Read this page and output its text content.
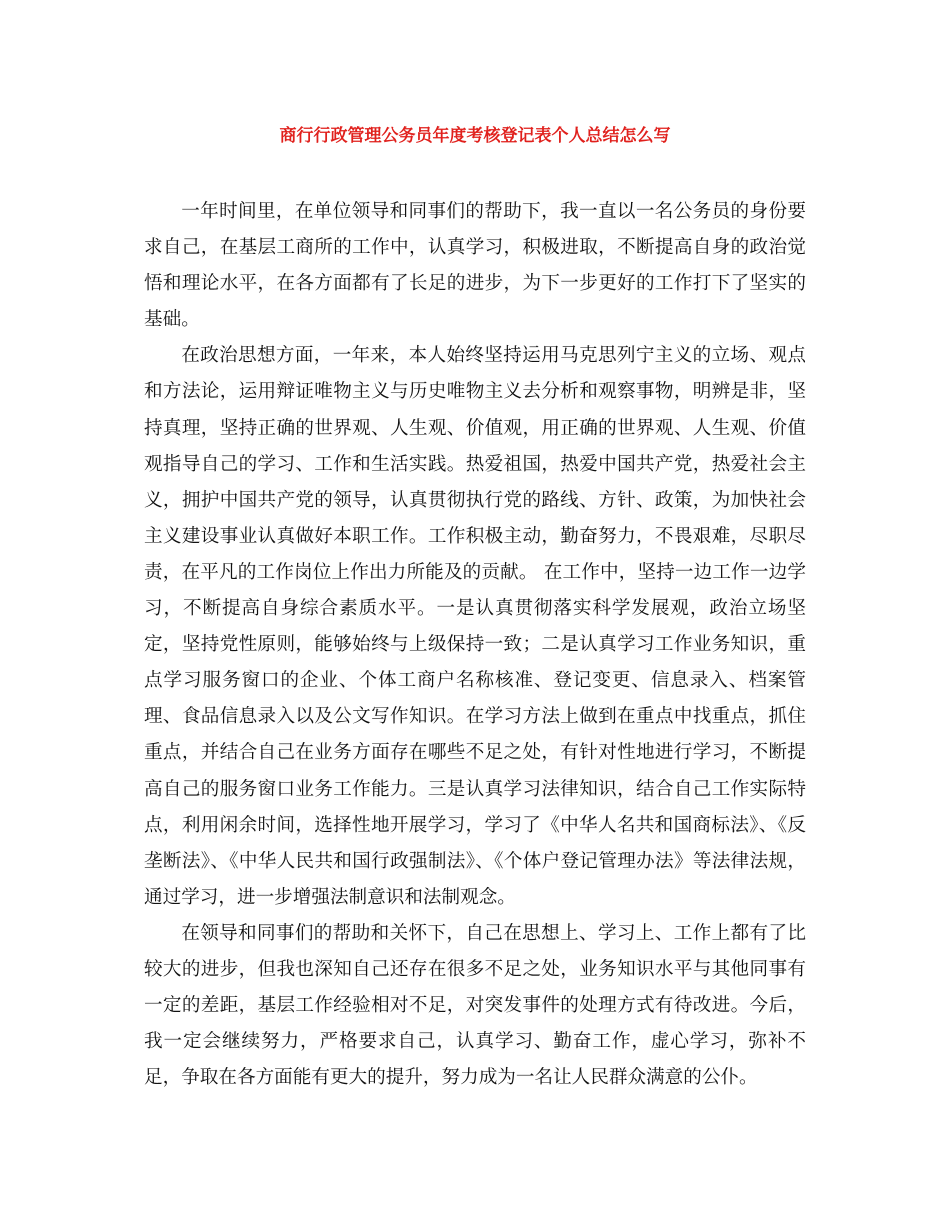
商行行政管理公务员年度考核登记表个人总结怎么写

一年时间里，在单位领导和同事们的帮助下，我一直以一名公务员的身份要求自己，在基层工商所的工作中，认真学习，积极进取，不断提高自身的政治觉悟和理论水平，在各方面都有了长足的进步，为下一步更好的工作打下了坚实的基础。

在政治思想方面，一年来，本人始终坚持运用马克思列宁主义的立场、观点和方法论，运用辩证唯物主义与历史唯物主义去分析和观察事物，明辨是非，坚持真理，坚持正确的世界观、人生观、价值观，用正确的世界观、人生观、价值观指导自己的学习、工作和生活实践。热爱祖国，热爱中国共产党，热爱社会主义，拥护中国共产党的领导，认真贯彻执行党的路线、方针、政策，为加快社会主义建设事业认真做好本职工作。工作积极主动，勤奋努力，不畏艰难，尽职尽责，在平凡的工作岗位上作出力所能及的贡献。 在工作中，坚持一边工作一边学习，不断提高自身综合素质水平。一是认真贯彻落实科学发展观，政治立场坚定，坚持党性原则，能够始终与上级保持一致；二是认真学习工作业务知识，重点学习服务窗口的企业、个体工商户名称核准、登记变更、信息录入、档案管理、食品信息录入以及公文写作知识。在学习方法上做到在重点中找重点，抓住重点，并结合自己在业务方面存在哪些不足之处，有针对性地进行学习，不断提高自己的服务窗口业务工作能力。三是认真学习法律知识，结合自己工作实际特点，利用闲余时间，选择性地开展学习，学习了《中华人名共和国商标法》、《反垄断法》、《中华人民共和国行政强制法》、《个体户登记管理办法》等法律法规，通过学习，进一步增强法制意识和法制观念。

在领导和同事们的帮助和关怀下，自己在思想上、学习上、工作上都有了比较大的进步，但我也深知自己还存在很多不足之处，业务知识水平与其他同事有一定的差距，基层工作经验相对不足，对突发事件的处理方式有待改进。今后，我一定会继续努力，严格要求自己，认真学习、勤奋工作，虚心学习，弥补不足，争取在各方面能有更大的提升，努力成为一名让人民群众满意的公仆。
